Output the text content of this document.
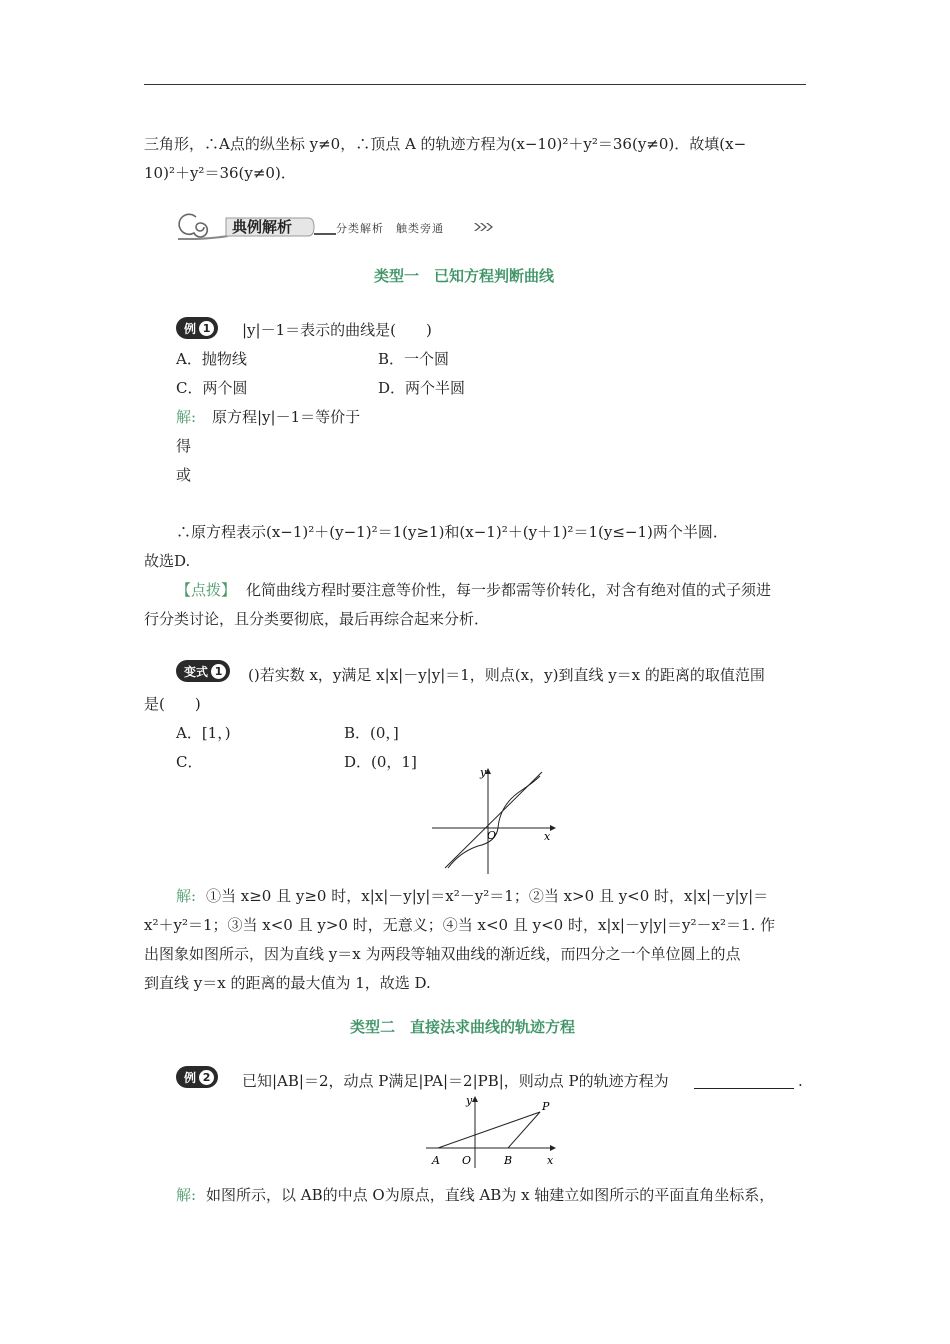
三角形，∴A点的纵坐标 y≠0，∴顶点 A 的轨迹方程为(x−10)²＋y²＝36(y≠0)．故填(x−
10)²＋y²＝36(y≠0)．
典例解析	分类解析　触类旁通
类型一　已知方程判断曲线
例 1 |y|－1＝表示的曲线是(　　)
A．抛物线	B．一个圆
C．两个圆	D．两个半圆
解: 原方程|y|－1＝等价于
得
或
∴原方程表示(x−1)²＋(y−1)²＝1(y≥1)和(x−1)²＋(y＋1)²＝1(y≤−1)两个半圆．
故选D.
【点拨】 化简曲线方程时要注意等价性，每一步都需等价转化，对含有绝对值的式子须进
行分类讨论，且分类要彻底，最后再综合起来分析．
变式 1 ()若实数 x，y满足 x|x|－y|y|＝1，则点(x，y)到直线 y＝x 的距离的取值范围
是(　　)
A．[1，)	B．(0，]
C．	D．(0，1]
y
x
O
解: ①当 x≥0 且 y≥0 时，x|x|－y|y|＝x²－y²＝1；②当 x>0 且 y<0 时，x|x|－y|y|＝
x²＋y²＝1；③当 x<0 且 y>0 时，无意义；④当 x<0 且 y<0 时，x|x|－y|y|＝y²－x²＝1. 作
出图象如图所示，因为直线 y＝x 为两段等轴双曲线的渐近线，而四分之一个单位圆上的点
到直线 y＝x 的距离的最大值为 1，故选 D.
类型二　直接法求曲线的轨迹方程
例 2 已知|AB|＝2，动点 P满足|PA|＝2|PB|，则动点 P的轨迹方程为	.
y
x
O
A	B
P
解: 如图所示，以 AB的中点 O为原点，直线 AB为 x 轴建立如图所示的平面直角坐标系，
